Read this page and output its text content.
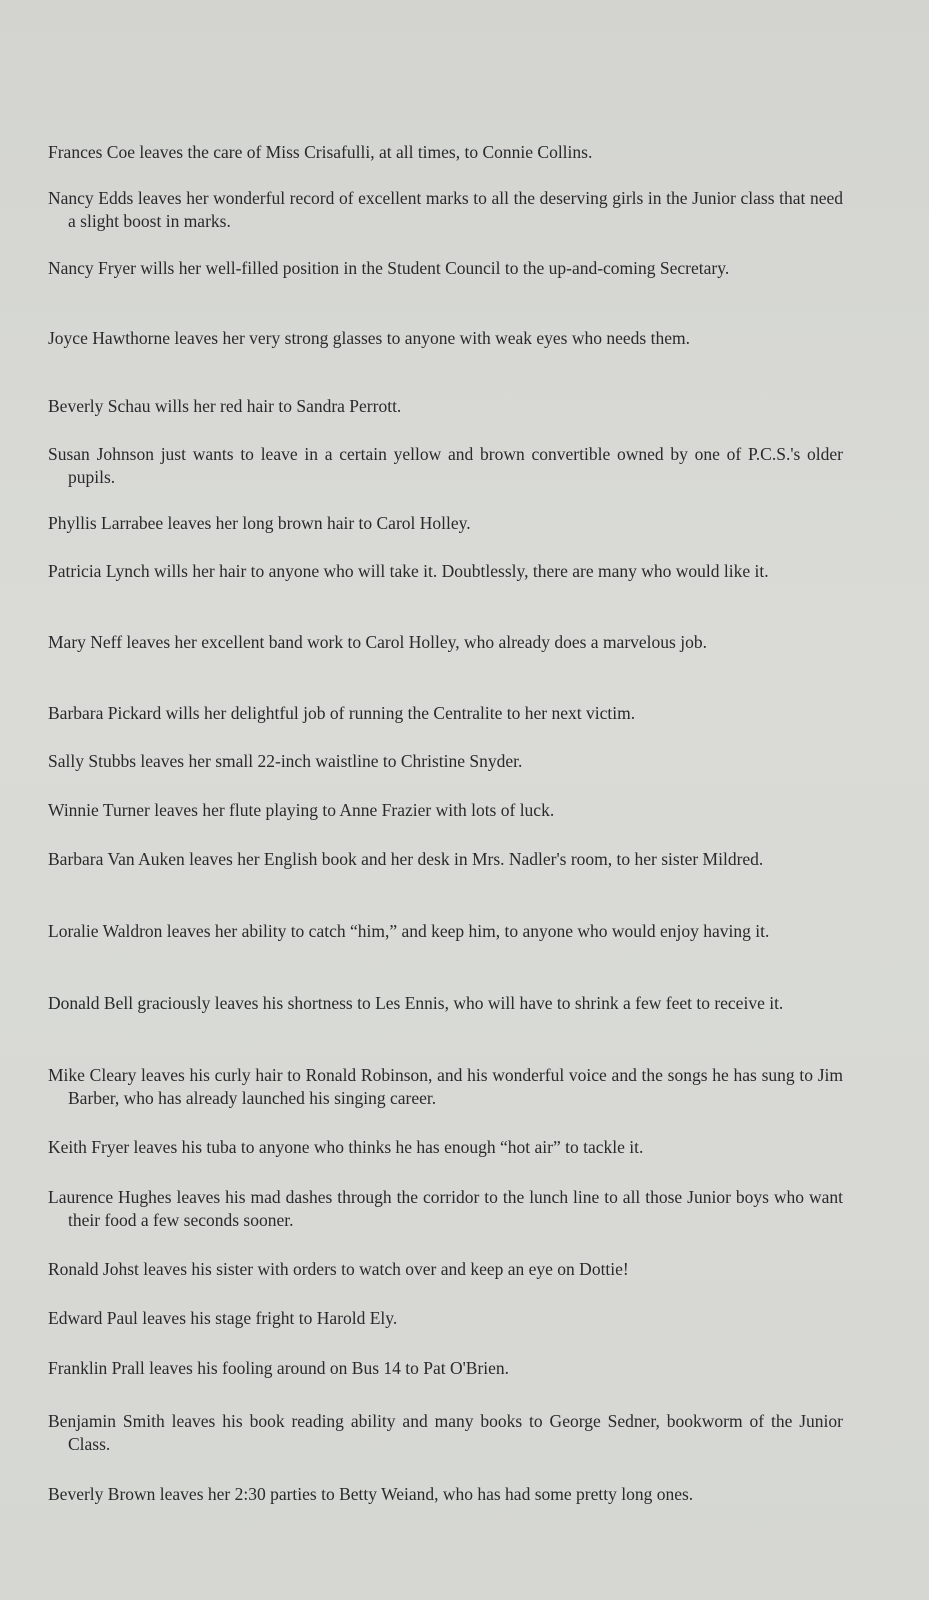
Frances Coe leaves the care of Miss Crisafulli, at all times, to Connie Collins.

Nancy Edds leaves her wonderful record of excellent marks to all the deserving girls in the Junior class that need a slight boost in marks.

Nancy Fryer wills her well-filled position in the Student Council to the up-and-coming Secretary.

Joyce Hawthorne leaves her very strong glasses to anyone with weak eyes who needs them.

Beverly Schau wills her red hair to Sandra Perrott.

Susan Johnson just wants to leave in a certain yellow and brown convertible owned by one of P.C.S.'s older pupils.

Phyllis Larrabee leaves her long brown hair to Carol Holley.

Patricia Lynch wills her hair to anyone who will take it. Doubtlessly, there are many who would like it.

Mary Neff leaves her excellent band work to Carol Holley, who already does a marvelous job.

Barbara Pickard wills her delightful job of running the Centralite to her next victim.

Sally Stubbs leaves her small 22-inch waistline to Christine Snyder.

Winnie Turner leaves her flute playing to Anne Frazier with lots of luck.

Barbara Van Auken leaves her English book and her desk in Mrs. Nadler's room, to her sister Mildred.

Loralie Waldron leaves her ability to catch “him,” and keep him, to anyone who would enjoy having it.

Donald Bell graciously leaves his shortness to Les Ennis, who will have to shrink a few feet to receive it.

Mike Cleary leaves his curly hair to Ronald Robinson, and his wonderful voice and the songs he has sung to Jim Barber, who has already launched his singing career.

Keith Fryer leaves his tuba to anyone who thinks he has enough “hot air” to tackle it.

Laurence Hughes leaves his mad dashes through the corridor to the lunch line to all those Junior boys who want their food a few seconds sooner.

Ronald Johst leaves his sister with orders to watch over and keep an eye on Dottie!

Edward Paul leaves his stage fright to Harold Ely.

Franklin Prall leaves his fooling around on Bus 14 to Pat O'Brien.

Benjamin Smith leaves his book reading ability and many books to George Sedner, bookworm of the Junior Class.

Beverly Brown leaves her 2:30 parties to Betty Weiand, who has had some pretty long ones.
